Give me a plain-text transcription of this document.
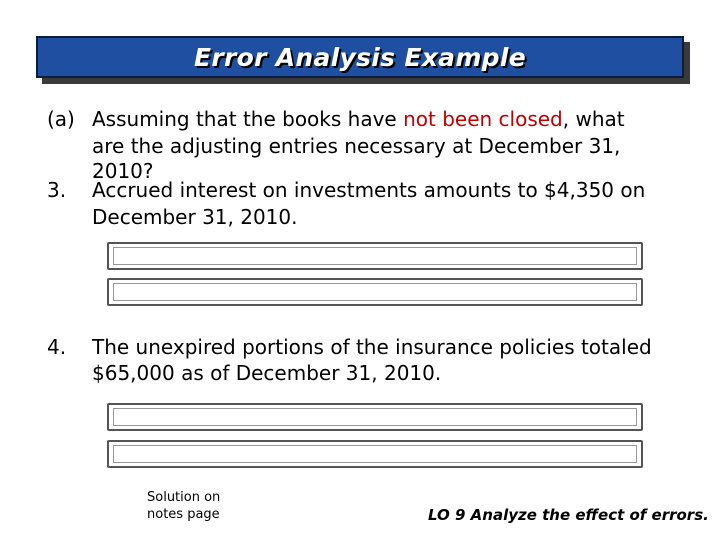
Error Analysis Example
(a) Assuming that the books have not been closed, what
are the adjusting entries necessary at December 31,
2010?
3. Accrued interest on investments amounts to $4,350 on
December 31, 2010.
4. The unexpired portions of the insurance policies totaled
$65,000 as of December 31, 2010.
Solution on
notes page	LO 9 Analyze the effect of errors.
